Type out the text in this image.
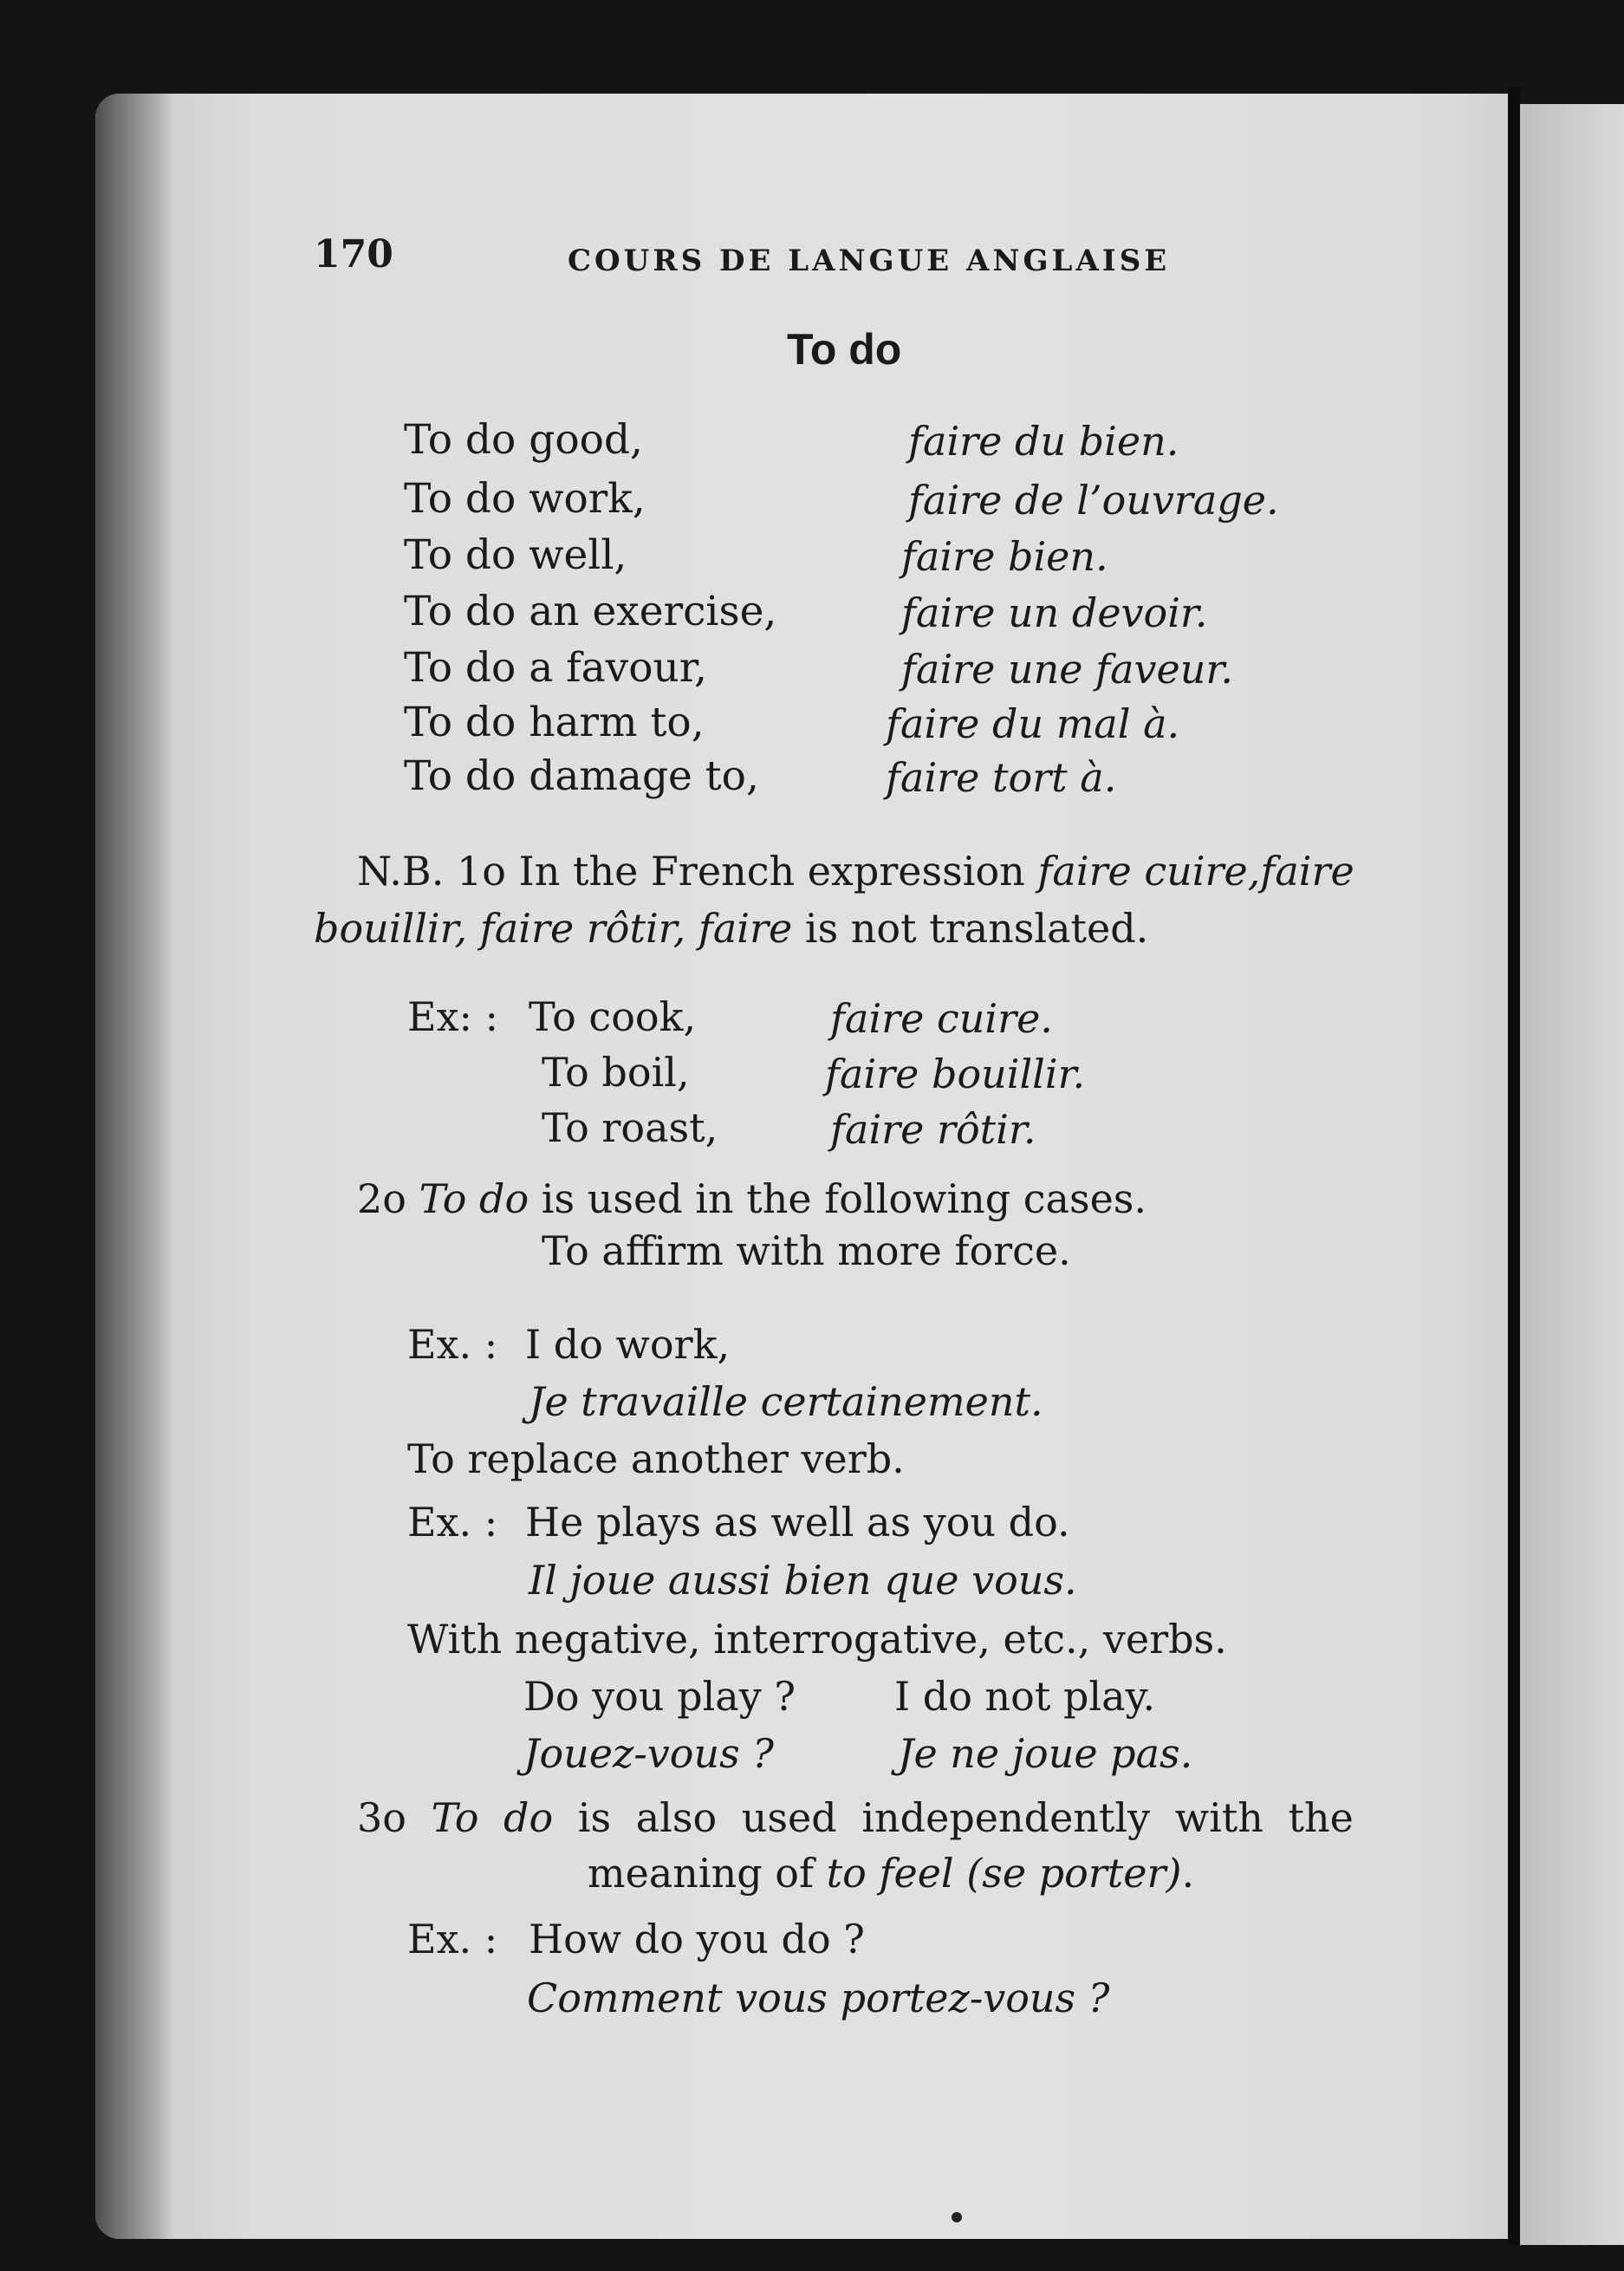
170	COURS DE LANGUE ANGLAISE
To do
To do good,	faire du bien.
To do work,	faire de l’ouvrage.
To do well,	faire bien.
To do an exercise,	faire un devoir.
To do a favour,	faire une faveur.
To do harm to,	faire du mal à.
To do damage to,	faire tort à.
N.B. 1o In the French expression faire cuire,faire
bouillir, faire rôtir, faire is not translated.
Ex: : To cook,	faire cuire.
To boil,	faire bouillir.
To roast,	faire rôtir.
2o To do is used in the following cases.
To affirm with more force.
Ex. : I do work,
Je travaille certainement.
To replace another verb.
Ex. : He plays as well as you do.
Il joue aussi bien que vous.
With negative, interrogative, etc., verbs.
Do you play ? I do not play.
Jouez-vous ?	Je ne joue pas.
3o To do is also used independently with the
meaning of to feel (se porter).
Ex. : How do you do ?
Comment vous portez-vous ?
